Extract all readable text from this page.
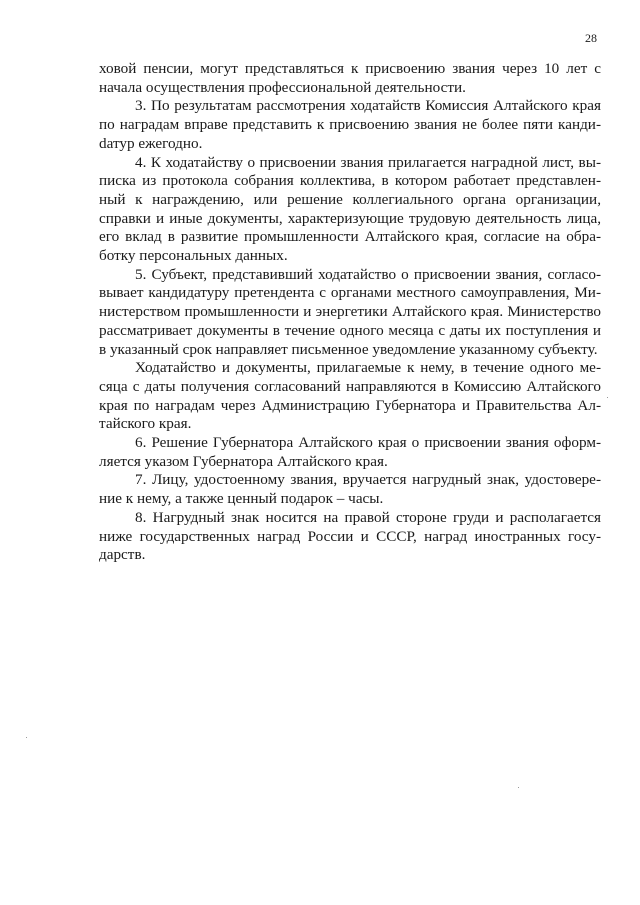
28

ховой пенсии, могут представляться к присвоению звания через 10 лет с начала осуществления профессиональной деятельности.

3. По результатам рассмотрения ходатайств Комиссия Алтайского края по наградам вправе представить к присвоению звания не более пяти кандиdатур ежегодно.

4. К ходатайству о присвоении звания прилагается наградной лист, выписка из протокола собрания коллектива, в котором работает представленный к награждению, или решение коллегиального органа организации, справки и иные документы, характеризующие трудовую деятельность лица, его вклад в развитие промышленности Алтайского края, согласие на обработку персональных данных.

5. Субъект, представивший ходатайство о присвоении звания, согласовывает кандидатуру претендента с органами местного самоуправления, Министерством промышленности и энергетики Алтайского края. Министерство рассматривает документы в течение одного месяца с даты их поступления и в указанный срок направляет письменное уведомление указанному субъекту.

Ходатайство и документы, прилагаемые к нему, в течение одного месяца с даты получения согласований направляются в Комиссию Алтайского края по наградам через Администрацию Губернатора и Правительства Алтайского края.

6. Решение Губернатора Алтайского края о присвоении звания оформляется указом Губернатора Алтайского края.

7. Лицу, удостоенному звания, вручается нагрудный знак, удостоверение к нему, а также ценный подарок – часы.

8. Нагрудный знак носится на правой стороне груди и располагается ниже государственных наград России и СССР, наград иностранных государств.
